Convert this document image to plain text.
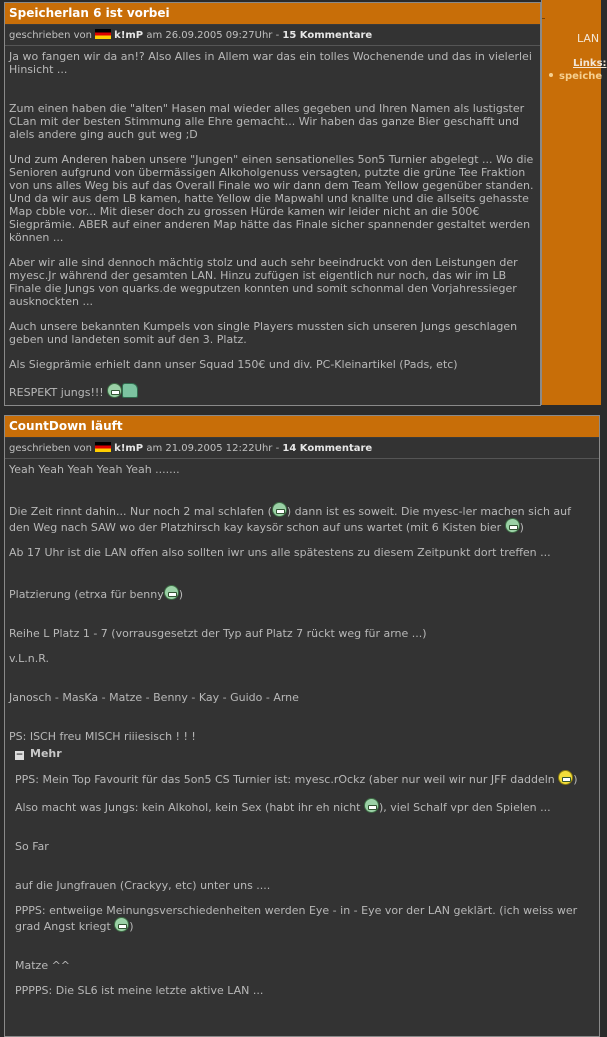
LAN
Links:
speiche
Speicherlan 6 ist vorbei
geschrieben von k!mP am 26.09.2005 09:27Uhr - 15 Kommentare

Ja wo fangen wir da an!? Also Alles in Allem war das ein tolles Wochenende und das in vielerlei Hinsicht ...

Zum einen haben die "alten" Hasen mal wieder alles gegeben und Ihren Namen als lustigster CLan mit der besten Stimmung alle Ehre gemacht... Wir haben das ganze Bier geschafft und alels andere ging auch gut weg ;D

Und zum Anderen haben unsere "Jungen" einen sensationelles 5on5 Turnier abgelegt ... Wo die Senioren aufgrund von übermässigen Alkoholgenuss versagten, putzte die grüne Tee Fraktion von uns alles Weg bis auf das Overall Finale wo wir dann dem Team Yellow gegenüber standen. Und da wir aus dem LB kamen, hatte Yellow die Mapwahl und knallte und die allseits gehasste Map cbble vor... Mit dieser doch zu grossen Hürde kamen wir leider nicht an die 500€ Siegprämie. ABER auf einer anderen Map hätte das Finale sicher spannender gestaltet werden können ...

Aber wir alle sind dennoch mächtig stolz und auch sehr beeindruckt von den Leistungen der myesc.Jr während der gesamten LAN. Hinzu zufügen ist eigentlich nur noch, das wir im LB Finale die Jungs von quarks.de wegputzen konnten und somit schonmal den Vorjahressieger ausknockten ...

Auch unsere bekannten Kumpels von single Players mussten sich unseren Jungs geschlagen geben und landeten somit auf den 3. Platz.

Als Siegprämie erhielt dann unser Squad 150€ und div. PC-Kleinartikel (Pads, etc)

RESPEKT jungs!!!

CountDown läuft
geschrieben von k!mP am 21.09.2005 12:22Uhr - 14 Kommentare

Yeah Yeah Yeah Yeah Yeah .......

Die Zeit rinnt dahin... Nur noch 2 mal schlafen ( ) dann ist es soweit. Die myesc-ler machen sich auf den Weg nach SAW wo der Platzhirsch kay kaysör schon auf uns wartet (mit 6 Kisten bier )

Ab 17 Uhr ist die LAN offen also sollten iwr uns alle spätestens zu diesem Zeitpunkt dort treffen ...

Platzierung (etrxa für benny )

Reihe L Platz 1 - 7 (vorrausgesetzt der Typ auf Platz 7 rückt weg für arne ...)

v.L.n.R.

Janosch - MasKa - Matze - Benny - Kay - Guido - Arne

PS: ISCH freu MISCH riiiesisch ! ! !

− Mehr

PPS: Mein Top Favourit für das 5on5 CS Turnier ist: myesc.rOckz (aber nur weil wir nur JFF daddeln )

Also macht was Jungs: kein Alkohol, kein Sex (habt ihr eh nicht ), viel Schalf vpr den Spielen ...

So Far

auf die Jungfrauen (Crackyy, etc) unter uns ....

PPPS: entweiige Meinungsverschiedenheiten werden Eye - in - Eye vor der LAN geklärt. (ich weiss wer grad Angst kriegt )

Matze ^^

PPPPS: Die SL6 ist meine letzte aktive LAN ...
